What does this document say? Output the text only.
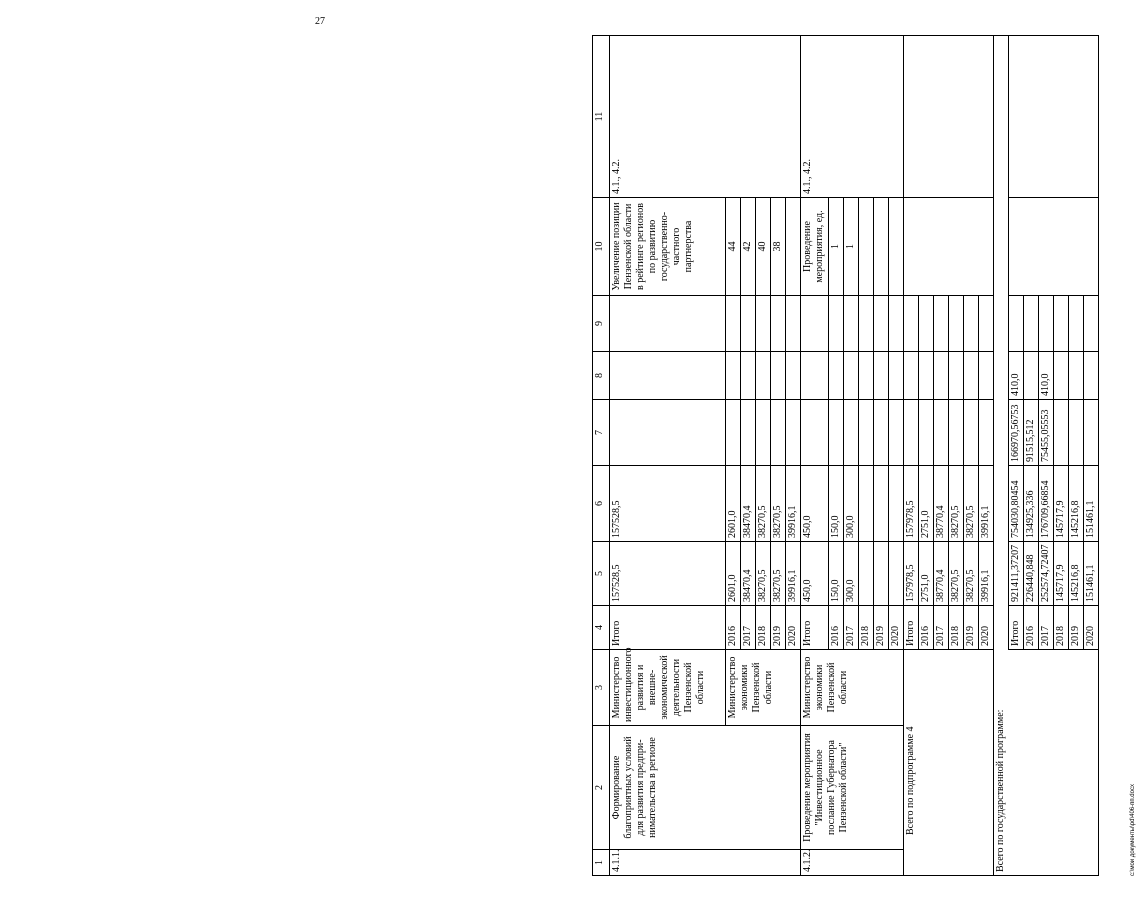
27
1	2	3	4	5	6	7	8	9	10	11
4.1.1.	Формирование благоприятных условий для развития предпри-нимательства в регионе	Министерство инвестиционного развития и внешне-экономической деятельности Пензенской области	Итого	157528,5	157528,5				Увеличение позиции Пензенской области в рейтинге регионов по развитию государственно-частного партнерства	4.1., 4.2.
		Министерство экономики Пензенской области	2016	2601,0	2601,0				44	
			2017	38470,4	38470,4				42	
			2018	38270,5	38270,5				40	
			2019	38270,5	38270,5				38	
			2020	39916,1	39916,1					
4.1.2.	Проведение мероприятия "Инвестиционное послание Губернатора Пензенской области"	Министерство экономики Пензенской области	Итого	450,0	450,0				Проведение мероприятия, ед.	4.1., 4.2.
			2016	150,0	150,0				1	
			2017	300,0	300,0				1	
			2018							
			2019							
			2020							
Всего по подпрограмме 4			Итого	157978,5	157978,5					
			2016	2751,0	2751,0					
			2017	38770,4	38770,4					
			2018	38270,5	38270,5					
			2019	38270,5	38270,5					
			2020	39916,1	39916,1					
Всего по государственной программе:										
			Итого	921411,37207	754030,80454	166970,56753	410,0			
			2016	226440,848	134925,336	91515,512				
			2017	252574,72407	176709,66854	75455,05553	410,0			
			2018	145717,9	145717,9					
			2019	145216,8	145216,8					
			2020	151461,1	151461,1					
c:\мои документы\pd\406-пп.docx
